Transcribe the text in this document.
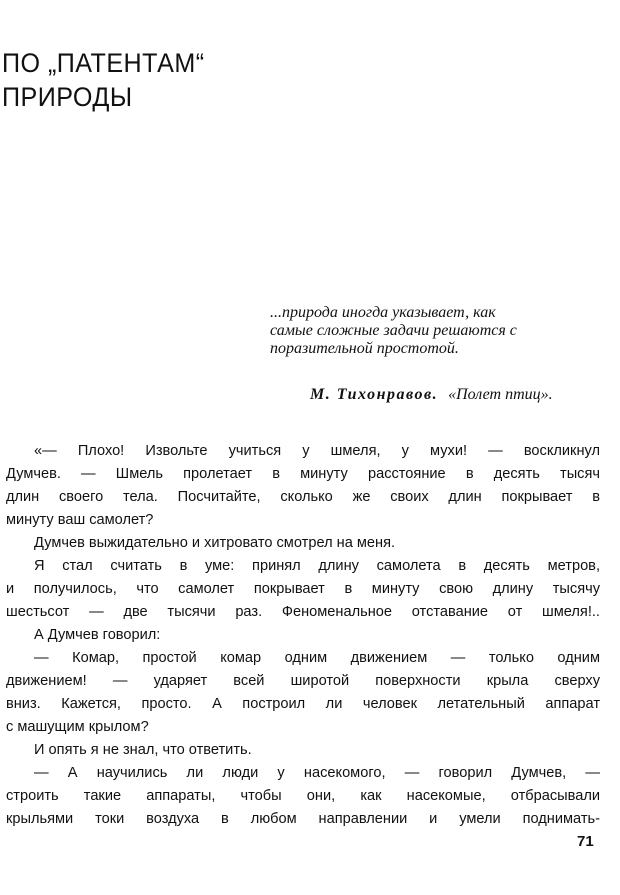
ПО „ПАТЕНТАМ“
ПРИРОДЫ

...природа иногда указывает, как

самые сложные задачи решаются с

поразительной простотой.

М. Тихонравов. «Полет птиц».
«— Плохо! Извольте учиться у шмеля, у мухи! — воскликнул
Думчев. — Шмель пролетает в минуту расстояние в десять тысяч
длин своего тела. Посчитайте, сколько же своих длин покрывает в
минуту ваш самолет?
Думчев выжидательно и хитровато смотрел на меня.
Я стал считать в уме: принял длину самолета в десять метров,
и получилось, что самолет покрывает в минуту свою длину тысячу
шестьсот — две тысячи раз. Феноменальное отставание от шмеля!..
А Думчев говорил:
— Комар, простой комар одним движением — только одним
движением! — ударяет всей широтой поверхности крыла сверху
вниз. Кажется, просто. А построил ли человек летательный аппарат
с машущим крылом?
И опять я не знал, что ответить.
— А научились ли люди у насекомого, — говорил Думчев, —
строить такие аппараты, чтобы они, как насекомые, отбрасывали
крыльями токи воздуха в любом направлении и умели поднимать-
71
